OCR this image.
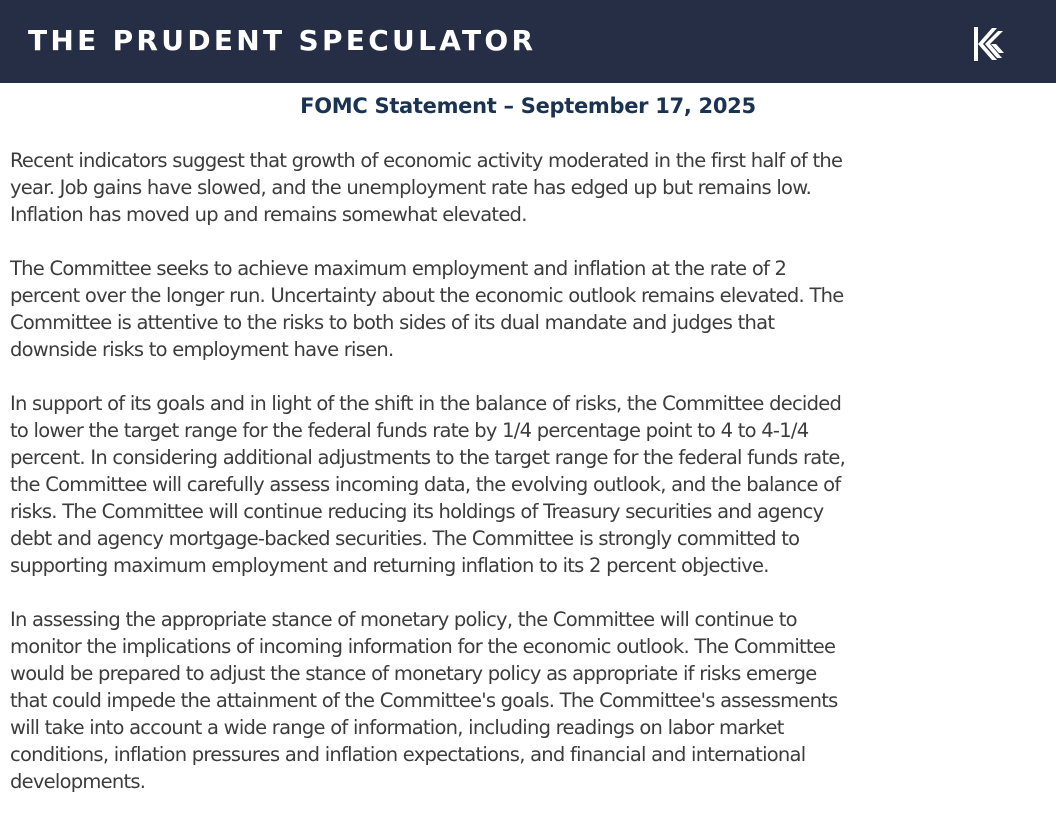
THE PRUDENT SPECULATOR
FOMC Statement – September 17, 2025
Recent indicators suggest that growth of economic activity moderated in the first half of the
year. Job gains have slowed, and the unemployment rate has edged up but remains low.
Inflation has moved up and remains somewhat elevated.
The Committee seeks to achieve maximum employment and inflation at the rate of 2
percent over the longer run. Uncertainty about the economic outlook remains elevated. The
Committee is attentive to the risks to both sides of its dual mandate and judges that
downside risks to employment have risen.
In support of its goals and in light of the shift in the balance of risks, the Committee decided
to lower the target range for the federal funds rate by 1/4 percentage point to 4 to 4-1/4
percent. In considering additional adjustments to the target range for the federal funds rate,
the Committee will carefully assess incoming data, the evolving outlook, and the balance of
risks. The Committee will continue reducing its holdings of Treasury securities and agency
debt and agency mortgage-backed securities. The Committee is strongly committed to
supporting maximum employment and returning inflation to its 2 percent objective.
In assessing the appropriate stance of monetary policy, the Committee will continue to
monitor the implications of incoming information for the economic outlook. The Committee
would be prepared to adjust the stance of monetary policy as appropriate if risks emerge
that could impede the attainment of the Committee's goals. The Committee's assessments
will take into account a wide range of information, including readings on labor market
conditions, inflation pressures and inflation expectations, and financial and international
developments.
